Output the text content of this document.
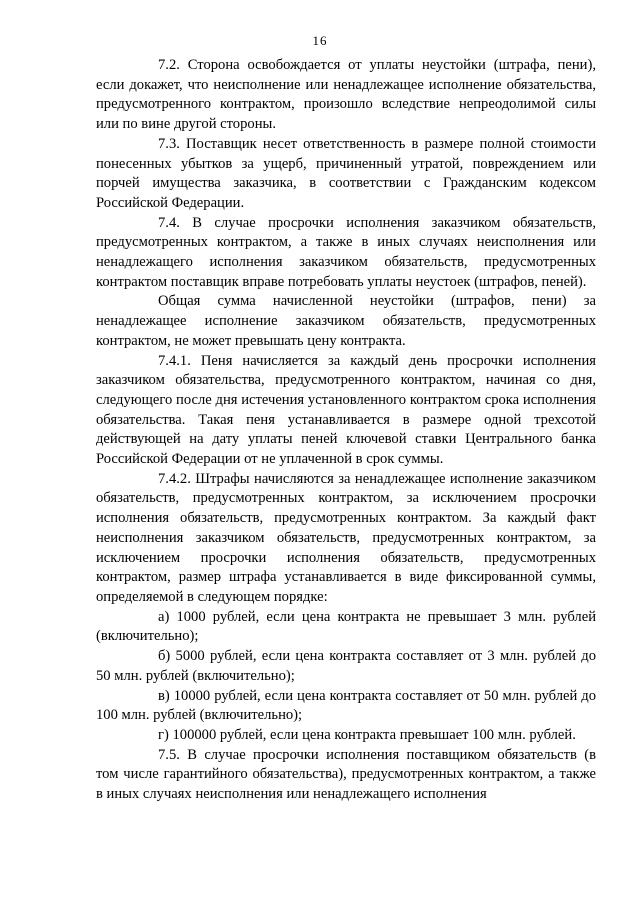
16

7.2. Сторона освобождается от уплаты неустойки (штрафа, пени), если докажет, что неисполнение или ненадлежащее исполнение обязательства, предусмотренного контрактом, произошло вследствие непреодолимой силы или по вине другой стороны.

7.3. Поставщик несет ответственность в размере полной стоимости понесенных убытков за ущерб, причиненный утратой, повреждением или порчей имущества заказчика, в соответствии с Гражданским кодексом Российской Федерации.

7.4. В случае просрочки исполнения заказчиком обязательств, предусмотренных контрактом, а также в иных случаях неисполнения или ненадлежащего исполнения заказчиком обязательств, предусмотренных контрактом поставщик вправе потребовать уплаты неустоек (штрафов, пеней).

Общая сумма начисленной неустойки (штрафов, пени) за ненадлежащее исполнение заказчиком обязательств, предусмотренных контрактом, не может превышать цену контракта.

7.4.1. Пеня начисляется за каждый день просрочки исполнения заказчиком обязательства, предусмотренного контрактом, начиная со дня, следующего после дня истечения установленного контрактом срока исполнения обязательства. Такая пеня устанавливается в размере одной трехсотой действующей на дату уплаты пеней ключевой ставки Центрального банка Российской Федерации от не уплаченной в срок суммы.

7.4.2. Штрафы начисляются за ненадлежащее исполнение заказчиком обязательств, предусмотренных контрактом, за исключением просрочки исполнения обязательств, предусмотренных контрактом. За каждый факт неисполнения заказчиком обязательств, предусмотренных контрактом, за исключением просрочки исполнения обязательств, предусмотренных контрактом, размер штрафа устанавливается в виде фиксированной суммы, определяемой в следующем порядке:

а) 1000 рублей, если цена контракта не превышает 3 млн. рублей (включительно);

б) 5000 рублей, если цена контракта составляет от 3 млн. рублей до 50 млн. рублей (включительно);

в) 10000 рублей, если цена контракта составляет от 50 млн. рублей до 100 млн. рублей (включительно);

г) 100000 рублей, если цена контракта превышает 100 млн. рублей.

7.5. В случае просрочки исполнения поставщиком обязательств (в том числе гарантийного обязательства), предусмотренных контрактом, а также в иных случаях неисполнения или ненадлежащего исполнения
